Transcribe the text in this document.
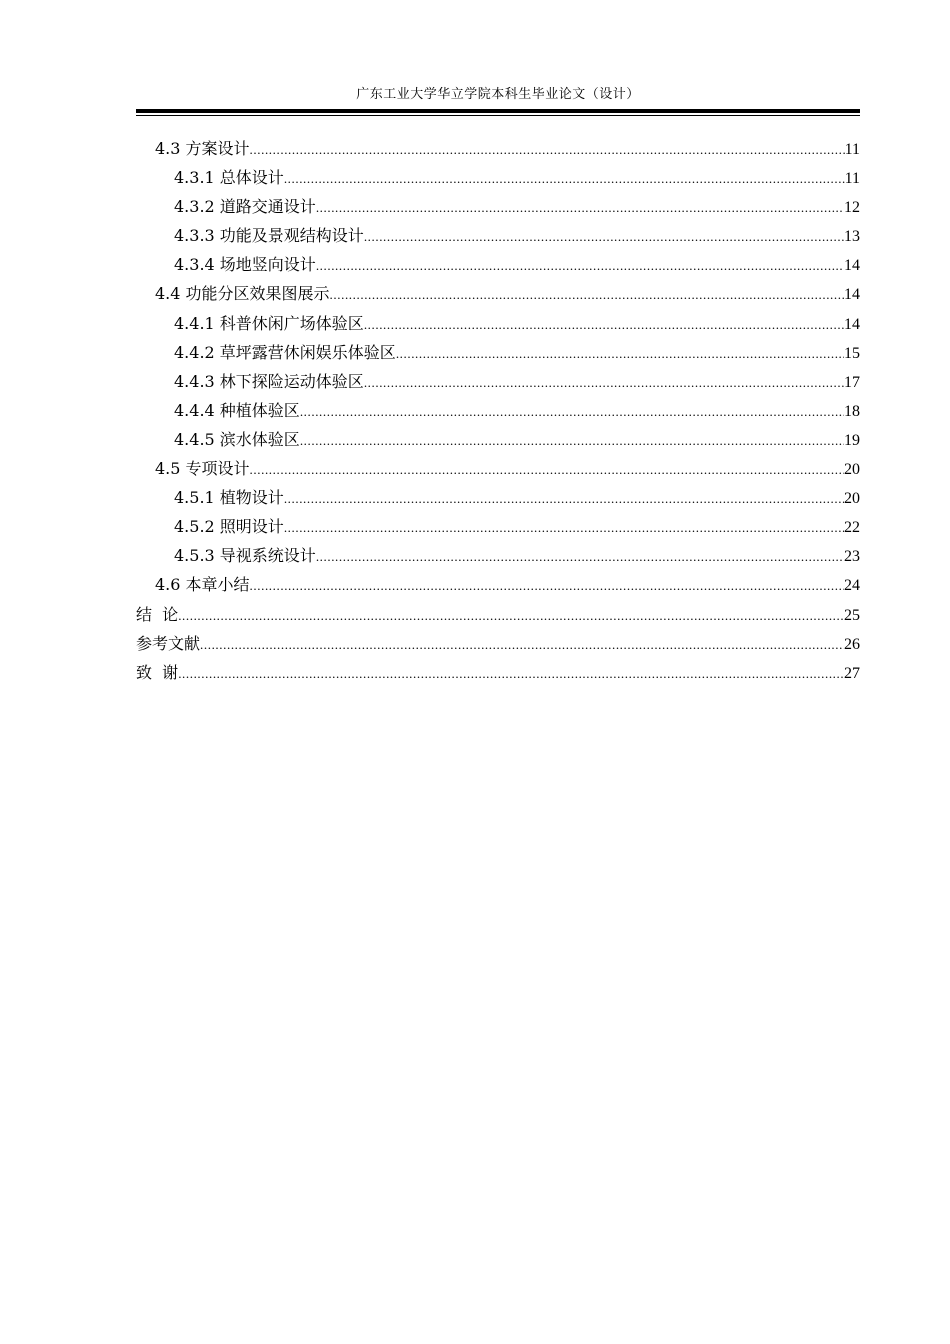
广东工业大学华立学院本科生毕业论文（设计）
4.3 方案设计 .....	11
4.3.1 总体设计 .....	11
4.3.2 道路交通设计 .....	12
4.3.3 功能及景观结构设计 .....	13
4.3.4 场地竖向设计 .....	14
4.4 功能分区效果图展示 .....	14
4.4.1 科普休闲广场体验区 .....	14
4.4.2 草坪露营休闲娱乐体验区 .....	15
4.4.3 林下探险运动体验区 .....	17
4.4.4 种植体验区 .....	18
4.4.5 滨水体验区 .....	19
4.5 专项设计 .....	20
4.5.1 植物设计 .....	20
4.5.2 照明设计 .....	22
4.5.3 导视系统设计 .....	23
4.6 本章小结 .....	24
结  论 .....	25
参考文献 .....	26
致  谢 .....	27
